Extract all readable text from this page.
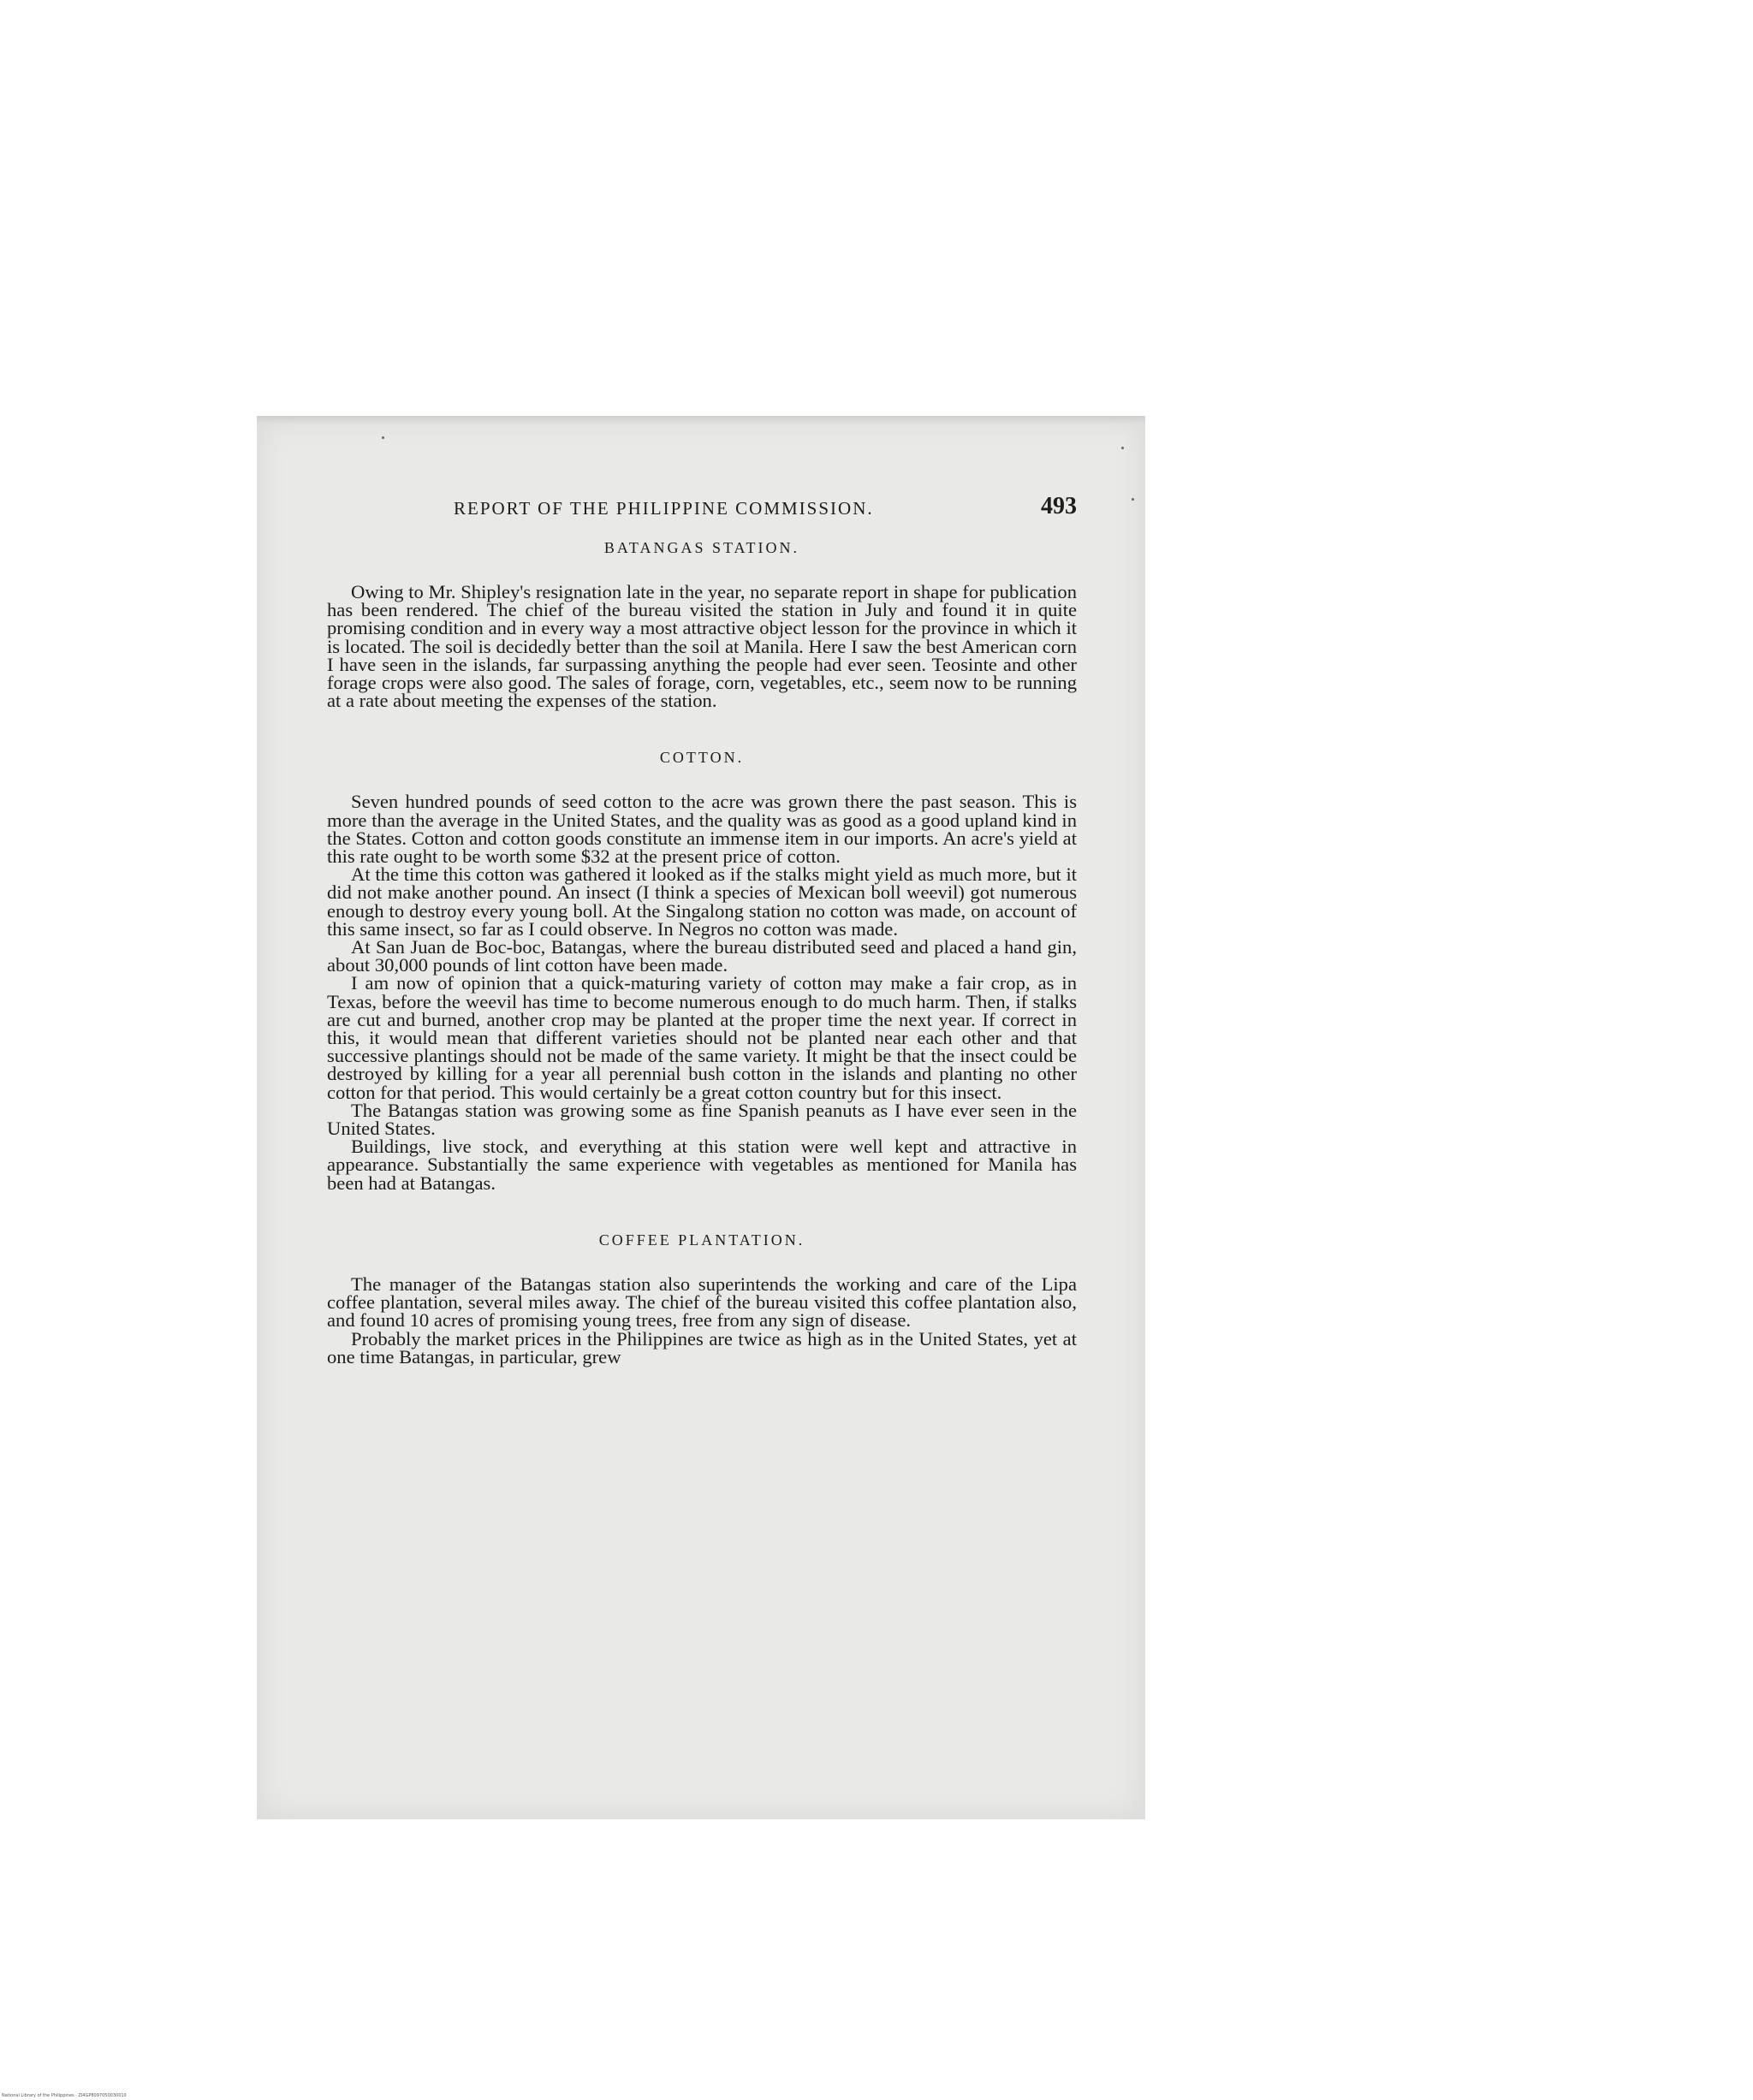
REPORT OF THE PHILIPPINE COMMISSION.	493
BATANGAS STATION.

Owing to Mr. Shipley's resignation late in the year, no separate report in shape for publication has been rendered. The chief of the bureau visited the station in July and found it in quite promising condition and in every way a most attractive object lesson for the province in which it is located. The soil is decidedly better than the soil at Manila. Here I saw the best American corn I have seen in the islands, far surpassing anything the people had ever seen. Teosinte and other forage crops were also good. The sales of forage, corn, vegetables, etc., seem now to be running at a rate about meeting the expenses of the station.

COTTON.

Seven hundred pounds of seed cotton to the acre was grown there the past season. This is more than the average in the United States, and the quality was as good as a good upland kind in the States. Cotton and cotton goods constitute an immense item in our imports. An acre's yield at this rate ought to be worth some $32 at the present price of cotton.

At the time this cotton was gathered it looked as if the stalks might yield as much more, but it did not make another pound. An insect (I think a species of Mexican boll weevil) got numerous enough to destroy every young boll. At the Singalong station no cotton was made, on account of this same insect, so far as I could observe. In Negros no cotton was made.

At San Juan de Boc-boc, Batangas, where the bureau distributed seed and placed a hand gin, about 30,000 pounds of lint cotton have been made.

I am now of opinion that a quick-maturing variety of cotton may make a fair crop, as in Texas, before the weevil has time to become numerous enough to do much harm. Then, if stalks are cut and burned, another crop may be planted at the proper time the next year. If correct in this, it would mean that different varieties should not be planted near each other and that successive plantings should not be made of the same variety. It might be that the insect could be destroyed by killing for a year all perennial bush cotton in the islands and planting no other cotton for that period. This would certainly be a great cotton country but for this insect.

The Batangas station was growing some as fine Spanish peanuts as I have ever seen in the United States.

Buildings, live stock, and everything at this station were well kept and attractive in appearance. Substantially the same experience with vegetables as mentioned for Manila has been had at Batangas.

COFFEE PLANTATION.

The manager of the Batangas station also superintends the working and care of the Lipa coffee plantation, several miles away. The chief of the bureau visited this coffee plantation also, and found 10 acres of promising young trees, free from any sign of disease.

Probably the market prices in the Philippines are twice as high as in the United States, yet at one time Batangas, in particular, grew

National Library of the Philippines · ZI4GP8097050030010
